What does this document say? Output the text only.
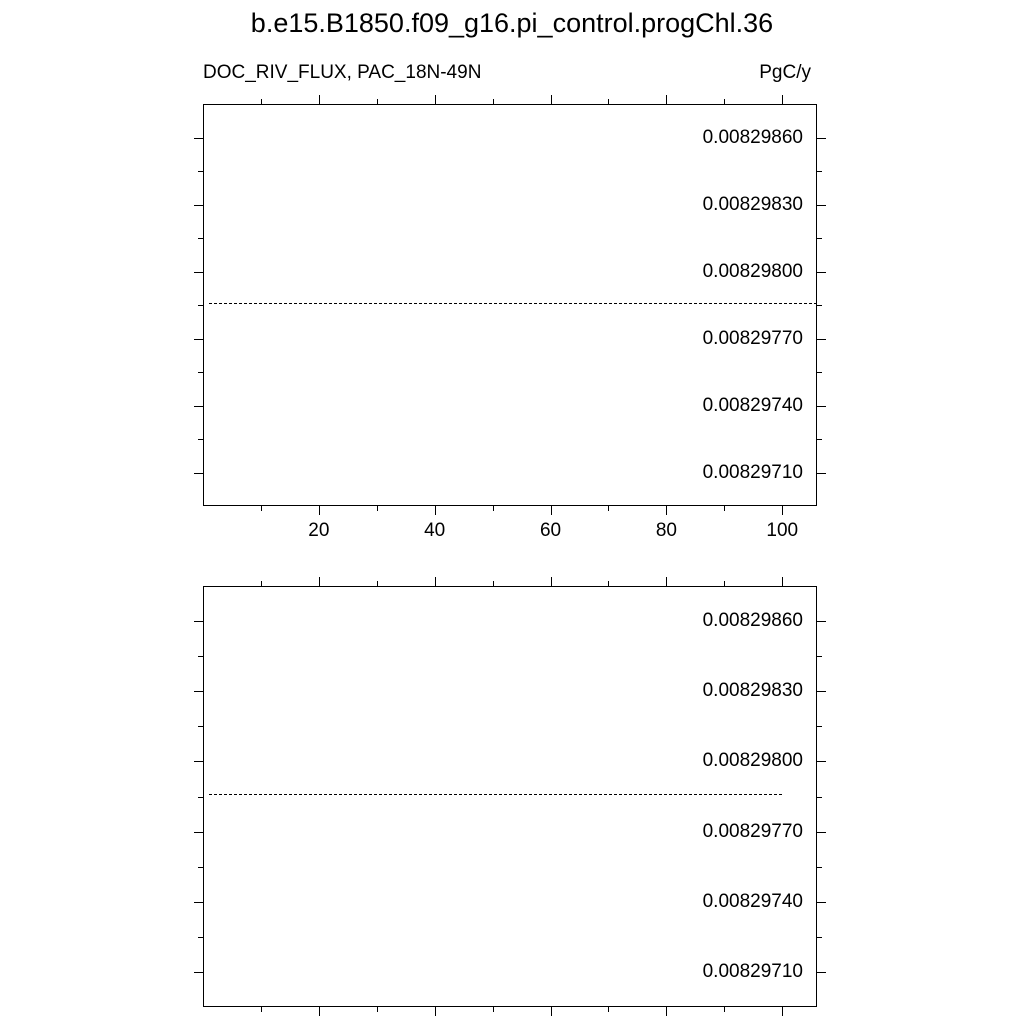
b.e15.B1850.f09_g16.pi_control.progChl.36
DOC_RIV_FLUX, PAC_18N-49N	PgC/y
0.00829860
0.00829830
0.00829800
0.00829770
0.00829740
0.00829710
20	40	60	80	100
0.00829860
0.00829830
0.00829800
0.00829770
0.00829740
0.00829710
